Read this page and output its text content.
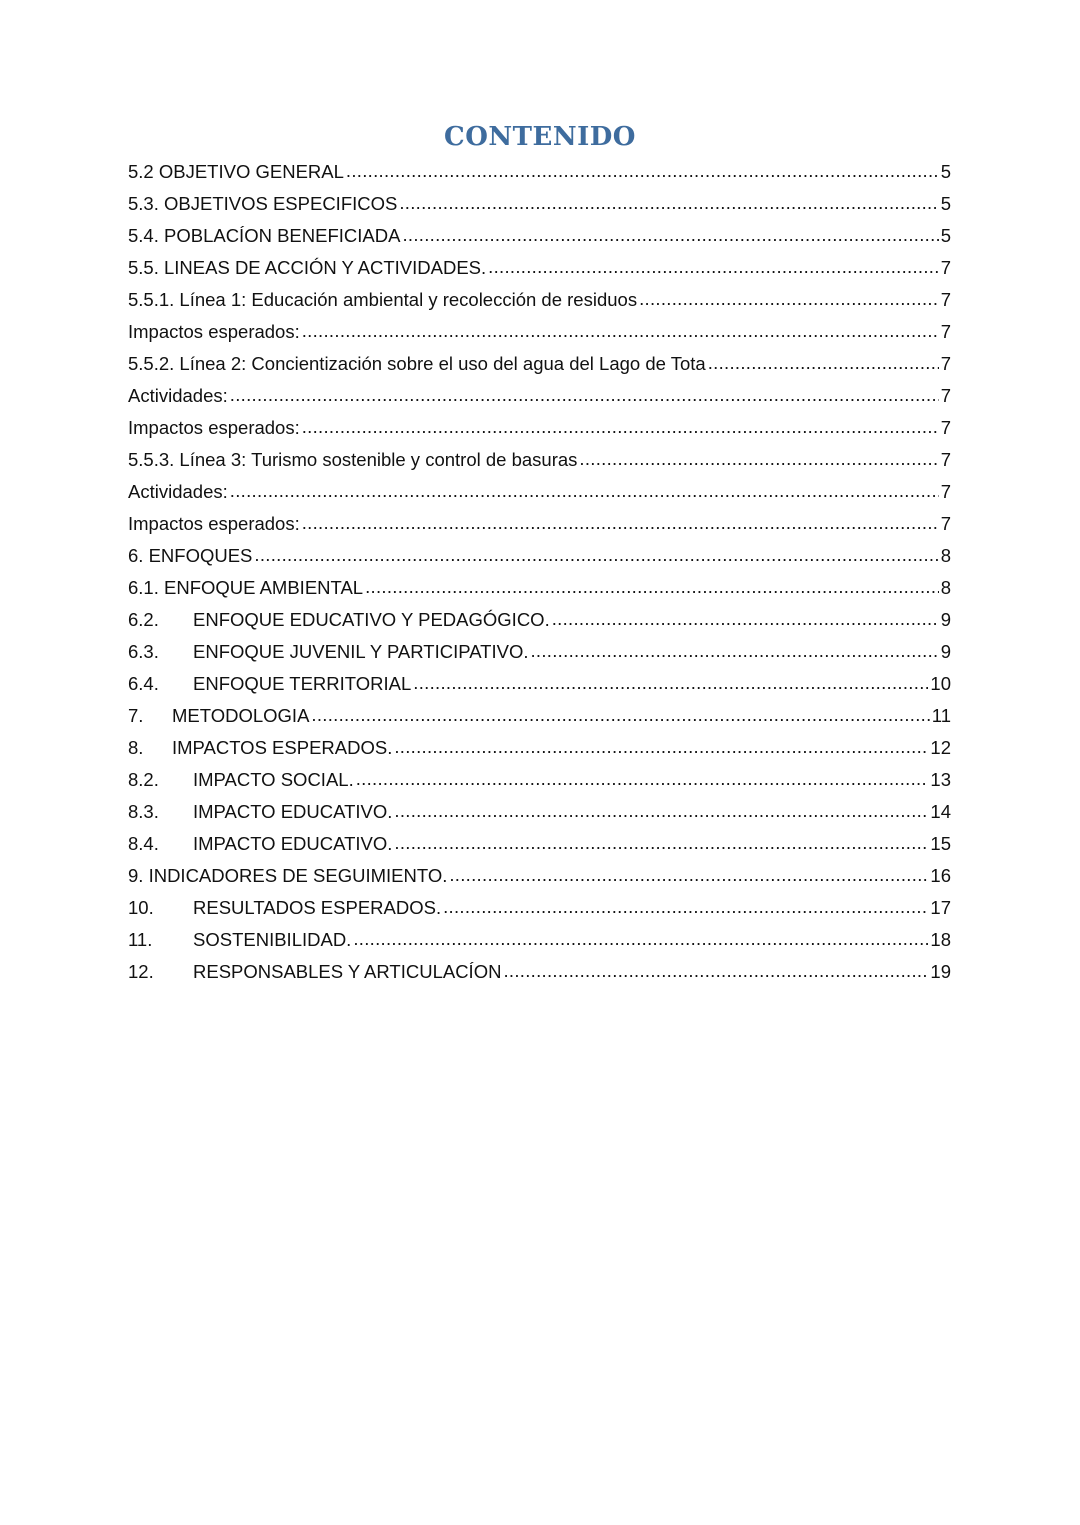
CONTENIDO
5.2 OBJETIVO GENERAL .....	5
5.3. OBJETIVOS ESPECIFICOS .....	5
5.4. POBLACÍON BENEFICIADA .....	5
5.5. LINEAS DE ACCIÓN Y ACTIVIDADES. .....	7
5.5.1. Línea 1: Educación ambiental y recolección de residuos .....	7
Impactos esperados: .....	7
5.5.2. Línea 2: Concientización sobre el uso del agua del Lago de Tota .....	7
Actividades: .....	7
Impactos esperados: .....	7
5.5.3. Línea 3: Turismo sostenible y control de basuras .....	7
Actividades: .....	7
Impactos esperados: .....	7
6. ENFOQUES .....	8
6.1. ENFOQUE AMBIENTAL .....	8
6.2.	ENFOQUE EDUCATIVO Y PEDAGÓGICO. .....	9
6.3.	ENFOQUE JUVENIL Y PARTICIPATIVO. .....	9
6.4.	ENFOQUE TERRITORIAL .....	10
7.	METODOLOGIA .....	11
8.	IMPACTOS ESPERADOS. .....	12
8.2.	IMPACTO SOCIAL. .....	13
8.3.	IMPACTO EDUCATIVO. .....	14
8.4.	IMPACTO EDUCATIVO. .....	15
9. INDICADORES DE SEGUIMIENTO. .....	16
10.	RESULTADOS ESPERADOS. .....	17
11.	SOSTENIBILIDAD. .....	18
12.	RESPONSABLES Y ARTICULACÍON .....	19
